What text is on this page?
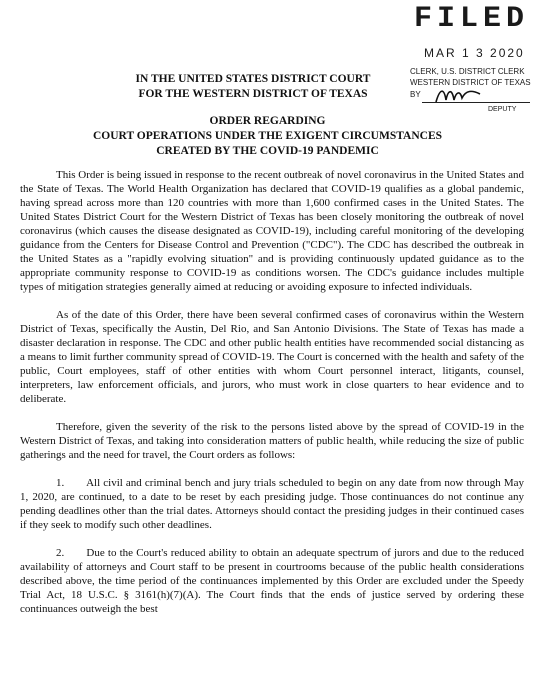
FILED
MAR 1 3 2020
CLERK, U.S. DISTRICT CLERK
WESTERN DISTRICT OF TEXAS
BY
DEPUTY
IN THE UNITED STATES DISTRICT COURT
FOR THE WESTERN DISTRICT OF TEXAS
ORDER REGARDING
COURT OPERATIONS UNDER THE EXIGENT CIRCUMSTANCES
CREATED BY THE COVID-19 PANDEMIC

This Order is being issued in response to the recent outbreak of novel coronavirus in the United States and the State of Texas. The World Health Organization has declared that COVID-19 qualifies as a global pandemic, having spread across more than 120 countries with more than 1,600 confirmed cases in the United States. The United States District Court for the Western District of Texas has been closely monitoring the outbreak of novel coronavirus (which causes the disease designated as COVID-19), including careful monitoring of the developing guidance from the Centers for Disease Control and Prevention ("CDC"). The CDC has described the outbreak in the United States as a "rapidly evolving situation" and is providing continuously updated guidance as to the appropriate community response to COVID-19 as conditions worsen. The CDC's guidance includes multiple types of mitigation strategies generally aimed at reducing or avoiding exposure to infected individuals.

As of the date of this Order, there have been several confirmed cases of coronavirus within the Western District of Texas, specifically the Austin, Del Rio, and San Antonio Divisions. The State of Texas has made a disaster declaration in response. The CDC and other public health entities have recommended social distancing as a means to limit further community spread of COVID-19. The Court is concerned with the health and safety of the public, Court employees, staff of other entities with whom Court personnel interact, litigants, counsel, interpreters, law enforcement officials, and jurors, who must work in close quarters to hear evidence and to deliberate.

Therefore, given the severity of the risk to the persons listed above by the spread of COVID-19 in the Western District of Texas, and taking into consideration matters of public health, while reducing the size of public gatherings and the need for travel, the Court orders as follows:

1.       All civil and criminal bench and jury trials scheduled to begin on any date from now through May 1, 2020, are continued, to a date to be reset by each presiding judge. Those continuances do not continue any pending deadlines other than the trial dates. Attorneys should contact the presiding judges in their continued cases if they seek to modify such other deadlines.

2.       Due to the Court's reduced ability to obtain an adequate spectrum of jurors and due to the reduced availability of attorneys and Court staff to be present in courtrooms because of the public health considerations described above, the time period of the continuances implemented by this Order are excluded under the Speedy Trial Act, 18 U.S.C. § 3161(h)(7)(A). The Court finds that the ends of justice served by ordering these continuances outweigh the best
